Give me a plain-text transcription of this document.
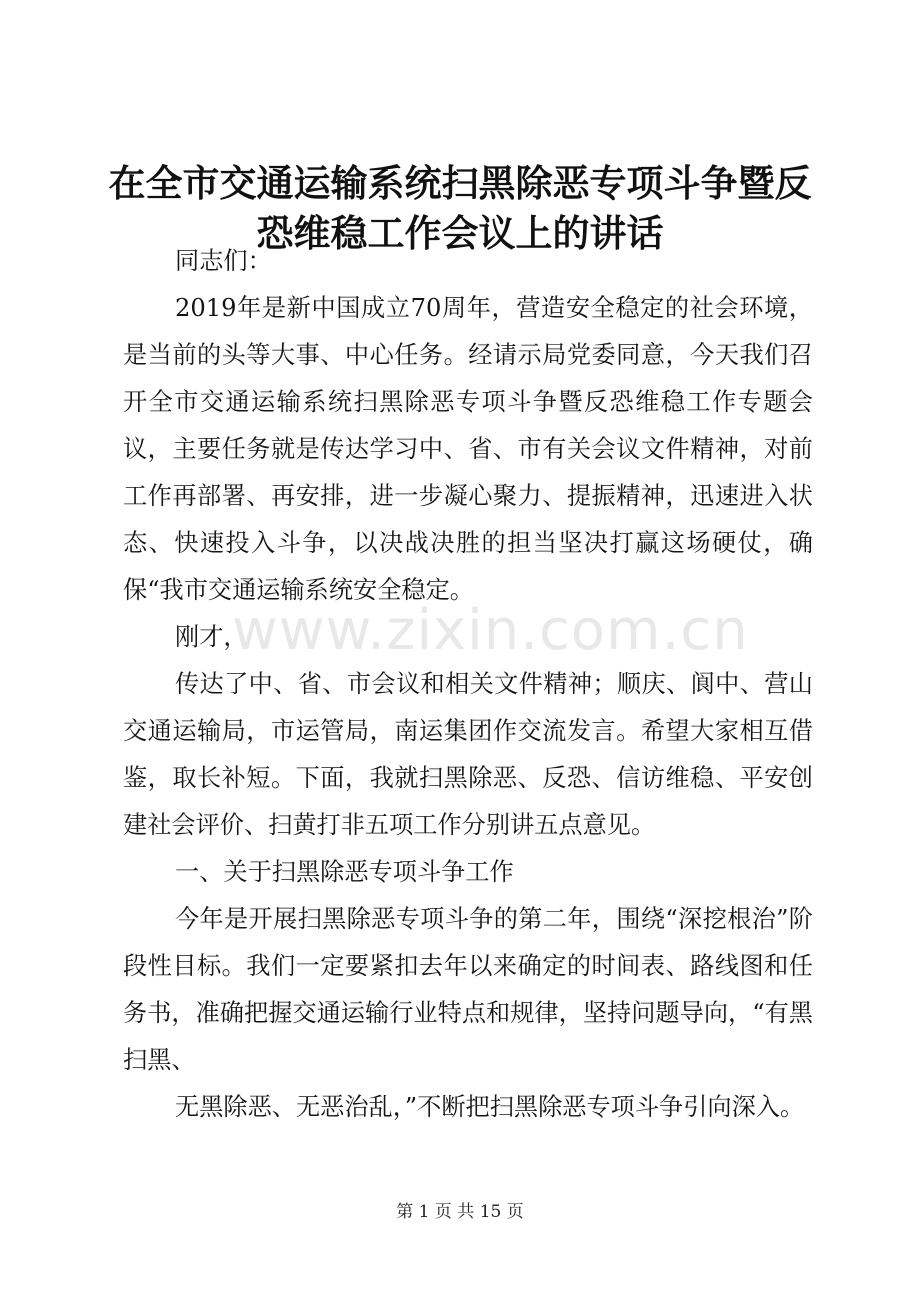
在全市交通运输系统扫黑除恶专项斗争暨反恐维稳工作会议上的讲话

同志们：

2019年是新中国成立70周年，营造安全稳定的社会环境，是当前的头等大事、中心任务。经请示局党委同意，今天我们召开全市交通运输系统扫黑除恶专项斗争暨反恐维稳工作专题会议，主要任务就是传达学习中、省、市有关会议文件精神，对前工作再部署、再安排，进一步凝心聚力、提振精神，迅速进入状态、快速投入斗争，以决战决胜的担当坚决打赢这场硬仗，确保“我市交通运输系统安全稳定。

刚才，

传达了中、省、市会议和相关文件精神；顺庆、阆中、营山交通运输局，市运管局，南运集团作交流发言。希望大家相互借鉴，取长补短。下面，我就扫黑除恶、反恐、信访维稳、平安创建社会评价、扫黄打非五项工作分别讲五点意见。

一、关于扫黑除恶专项斗争工作

今年是开展扫黑除恶专项斗争的第二年，围绕“深挖根治”阶段性目标。我们一定要紧扣去年以来确定的时间表、路线图和任务书，准确把握交通运输行业特点和规律，坚持问题导向，“有黑扫黑、

无黑除恶、无恶治乱，”不断把扫黑除恶专项斗争引向深入。

www.zixin.com.cn
第 1 页 共 15 页
